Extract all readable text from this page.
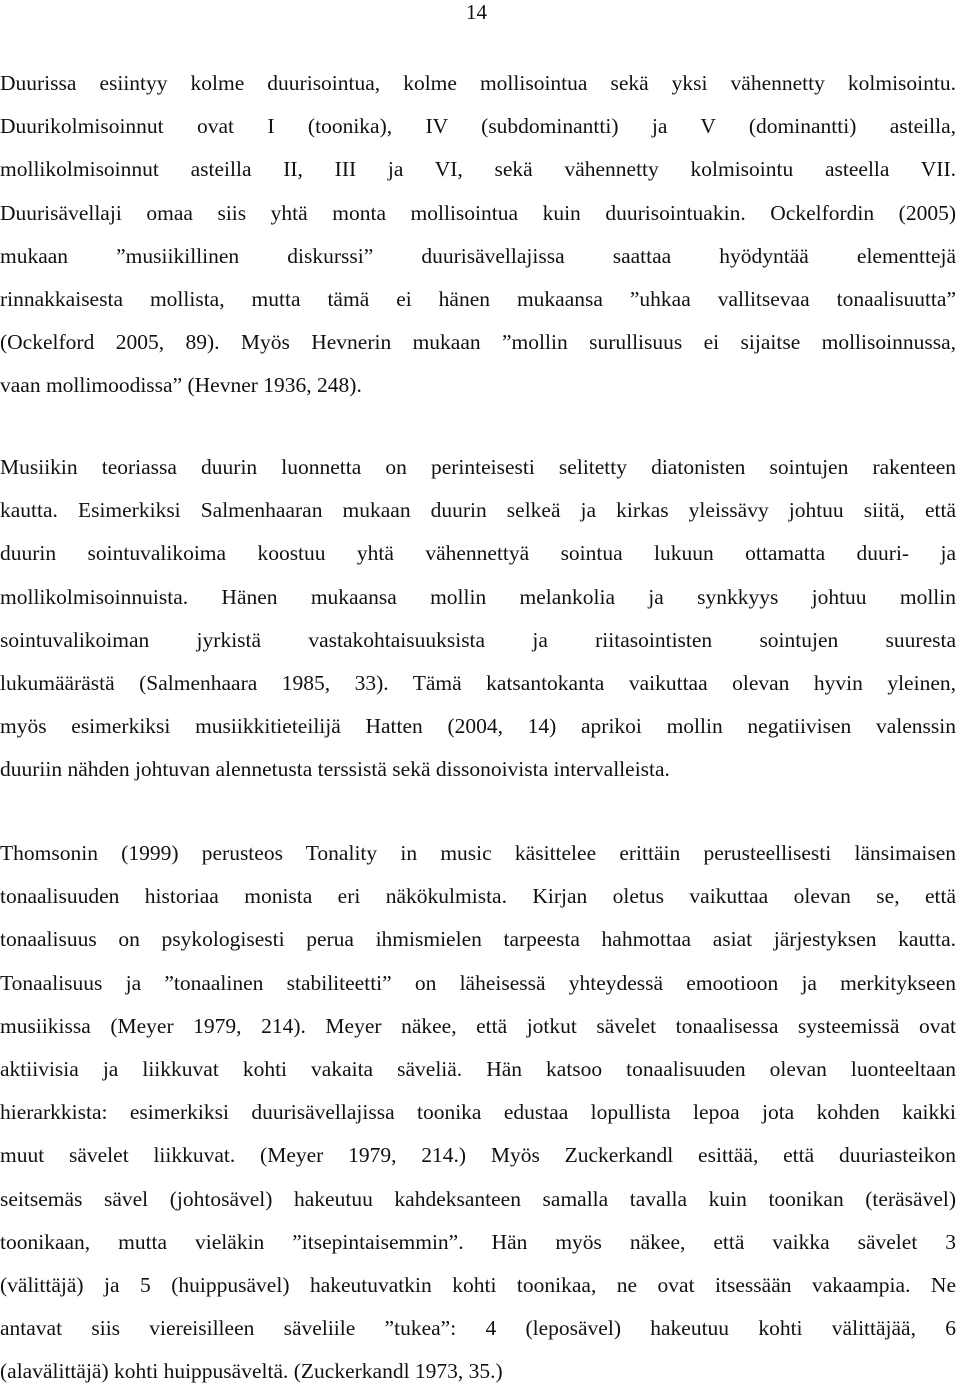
14
Duurissa esiintyy kolme duurisointua, kolme mollisointua sekä yksi vähennetty kolmisointu.
Duurikolmisoinnut ovat I (toonika), IV (subdominantti) ja V (dominantti) asteilla,
mollikolmisoinnut asteilla II, III ja VI, sekä vähennetty kolmisointu asteella VII.
Duurisävellaji omaa siis yhtä monta mollisointua kuin duurisointuakin. Ockelfordin (2005)
mukaan ”musiikillinen diskurssi” duurisävellajissa saattaa hyödyntää elementtejä
rinnakkaisesta mollista, mutta tämä ei hänen mukaansa ”uhkaa vallitsevaa tonaalisuutta”
(Ockelford 2005, 89). Myös Hevnerin mukaan ”mollin surullisuus ei sijaitse mollisoinnussa,
vaan mollimoodissa” (Hevner 1936, 248).
Musiikin teoriassa duurin luonnetta on perinteisesti selitetty diatonisten sointujen rakenteen
kautta. Esimerkiksi Salmenhaaran mukaan duurin selkeä ja kirkas yleissävy johtuu siitä, että
duurin sointuvalikoima koostuu yhtä vähennettyä sointua lukuun ottamatta duuri- ja
mollikolmisoinnuista. Hänen mukaansa mollin melankolia ja synkkyys johtuu mollin
sointuvalikoiman jyrkistä vastakohtaisuuksista ja riitasointisten sointujen suuresta
lukumäärästä (Salmenhaara 1985, 33). Tämä katsantokanta vaikuttaa olevan hyvin yleinen,
myös esimerkiksi musiikkitieteilijä Hatten (2004, 14) aprikoi mollin negatiivisen valenssin
duuriin nähden johtuvan alennetusta terssistä sekä dissonoivista intervalleista.
Thomsonin (1999) perusteos Tonality in music käsittelee erittäin perusteellisesti länsimaisen
tonaalisuuden historiaa monista eri näkökulmista. Kirjan oletus vaikuttaa olevan se, että
tonaalisuus on psykologisesti perua ihmismielen tarpeesta hahmottaa asiat järjestyksen kautta.
Tonaalisuus ja ”tonaalinen stabiliteetti” on läheisessä yhteydessä emootioon ja merkitykseen
musiikissa (Meyer 1979, 214). Meyer näkee, että jotkut sävelet tonaalisessa systeemissä ovat
aktiivisia ja liikkuvat kohti vakaita säveliä. Hän katsoo tonaalisuuden olevan luonteeltaan
hierarkkista: esimerkiksi duurisävellajissa toonika edustaa lopullista lepoa jota kohden kaikki
muut sävelet liikkuvat. (Meyer 1979, 214.) Myös Zuckerkandl esittää, että duuriasteikon
seitsemäs sävel (johtosävel) hakeutuu kahdeksanteen samalla tavalla kuin toonikan (teräsävel)
toonikaan, mutta vieläkin ”itsepintaisemmin”. Hän myös näkee, että vaikka sävelet 3
(välittäjä) ja 5 (huippusävel) hakeutuvatkin kohti toonikaa, ne ovat itsessään vakaampia. Ne
antavat siis viereisilleen säveliile ”tukea”: 4 (leposävel) hakeutuu kohti välittäjää, 6
(alavälittäjä) kohti huippusäveltä. (Zuckerkandl 1973, 35.)
